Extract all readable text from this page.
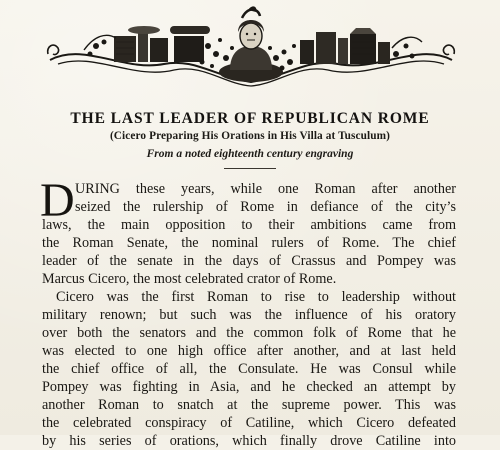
THE LAST LEADER OF REPUBLICAN ROME
(Cicero Preparing His Orations in His Villa at Tusculum)
From a noted eighteenth century engraving
D URING these years, while one Roman after another
seized the rulership of Rome in defiance of the city’s
laws, the main opposition to their ambitions came from
the Roman Senate, the nominal rulers of Rome. The chief
leader of the senate in the days of Crassus and Pompey was
Marcus Cicero, the most celebrated crator of Rome.
Cicero was the first Roman to rise to leadership without
military renown; but such was the influence of his oratory
over both the senators and the common folk of Rome that he
was elected to one high office after another, and at last held
the chief office of all, the Consulate. He was Consul while
Pompey was fighting in Asia, and he checked an attempt by
another Roman to snatch at the supreme power. This was
the celebrated conspiracy of Catiline, which Cicero defeated
by his series of orations, which finally drove Catiline into
